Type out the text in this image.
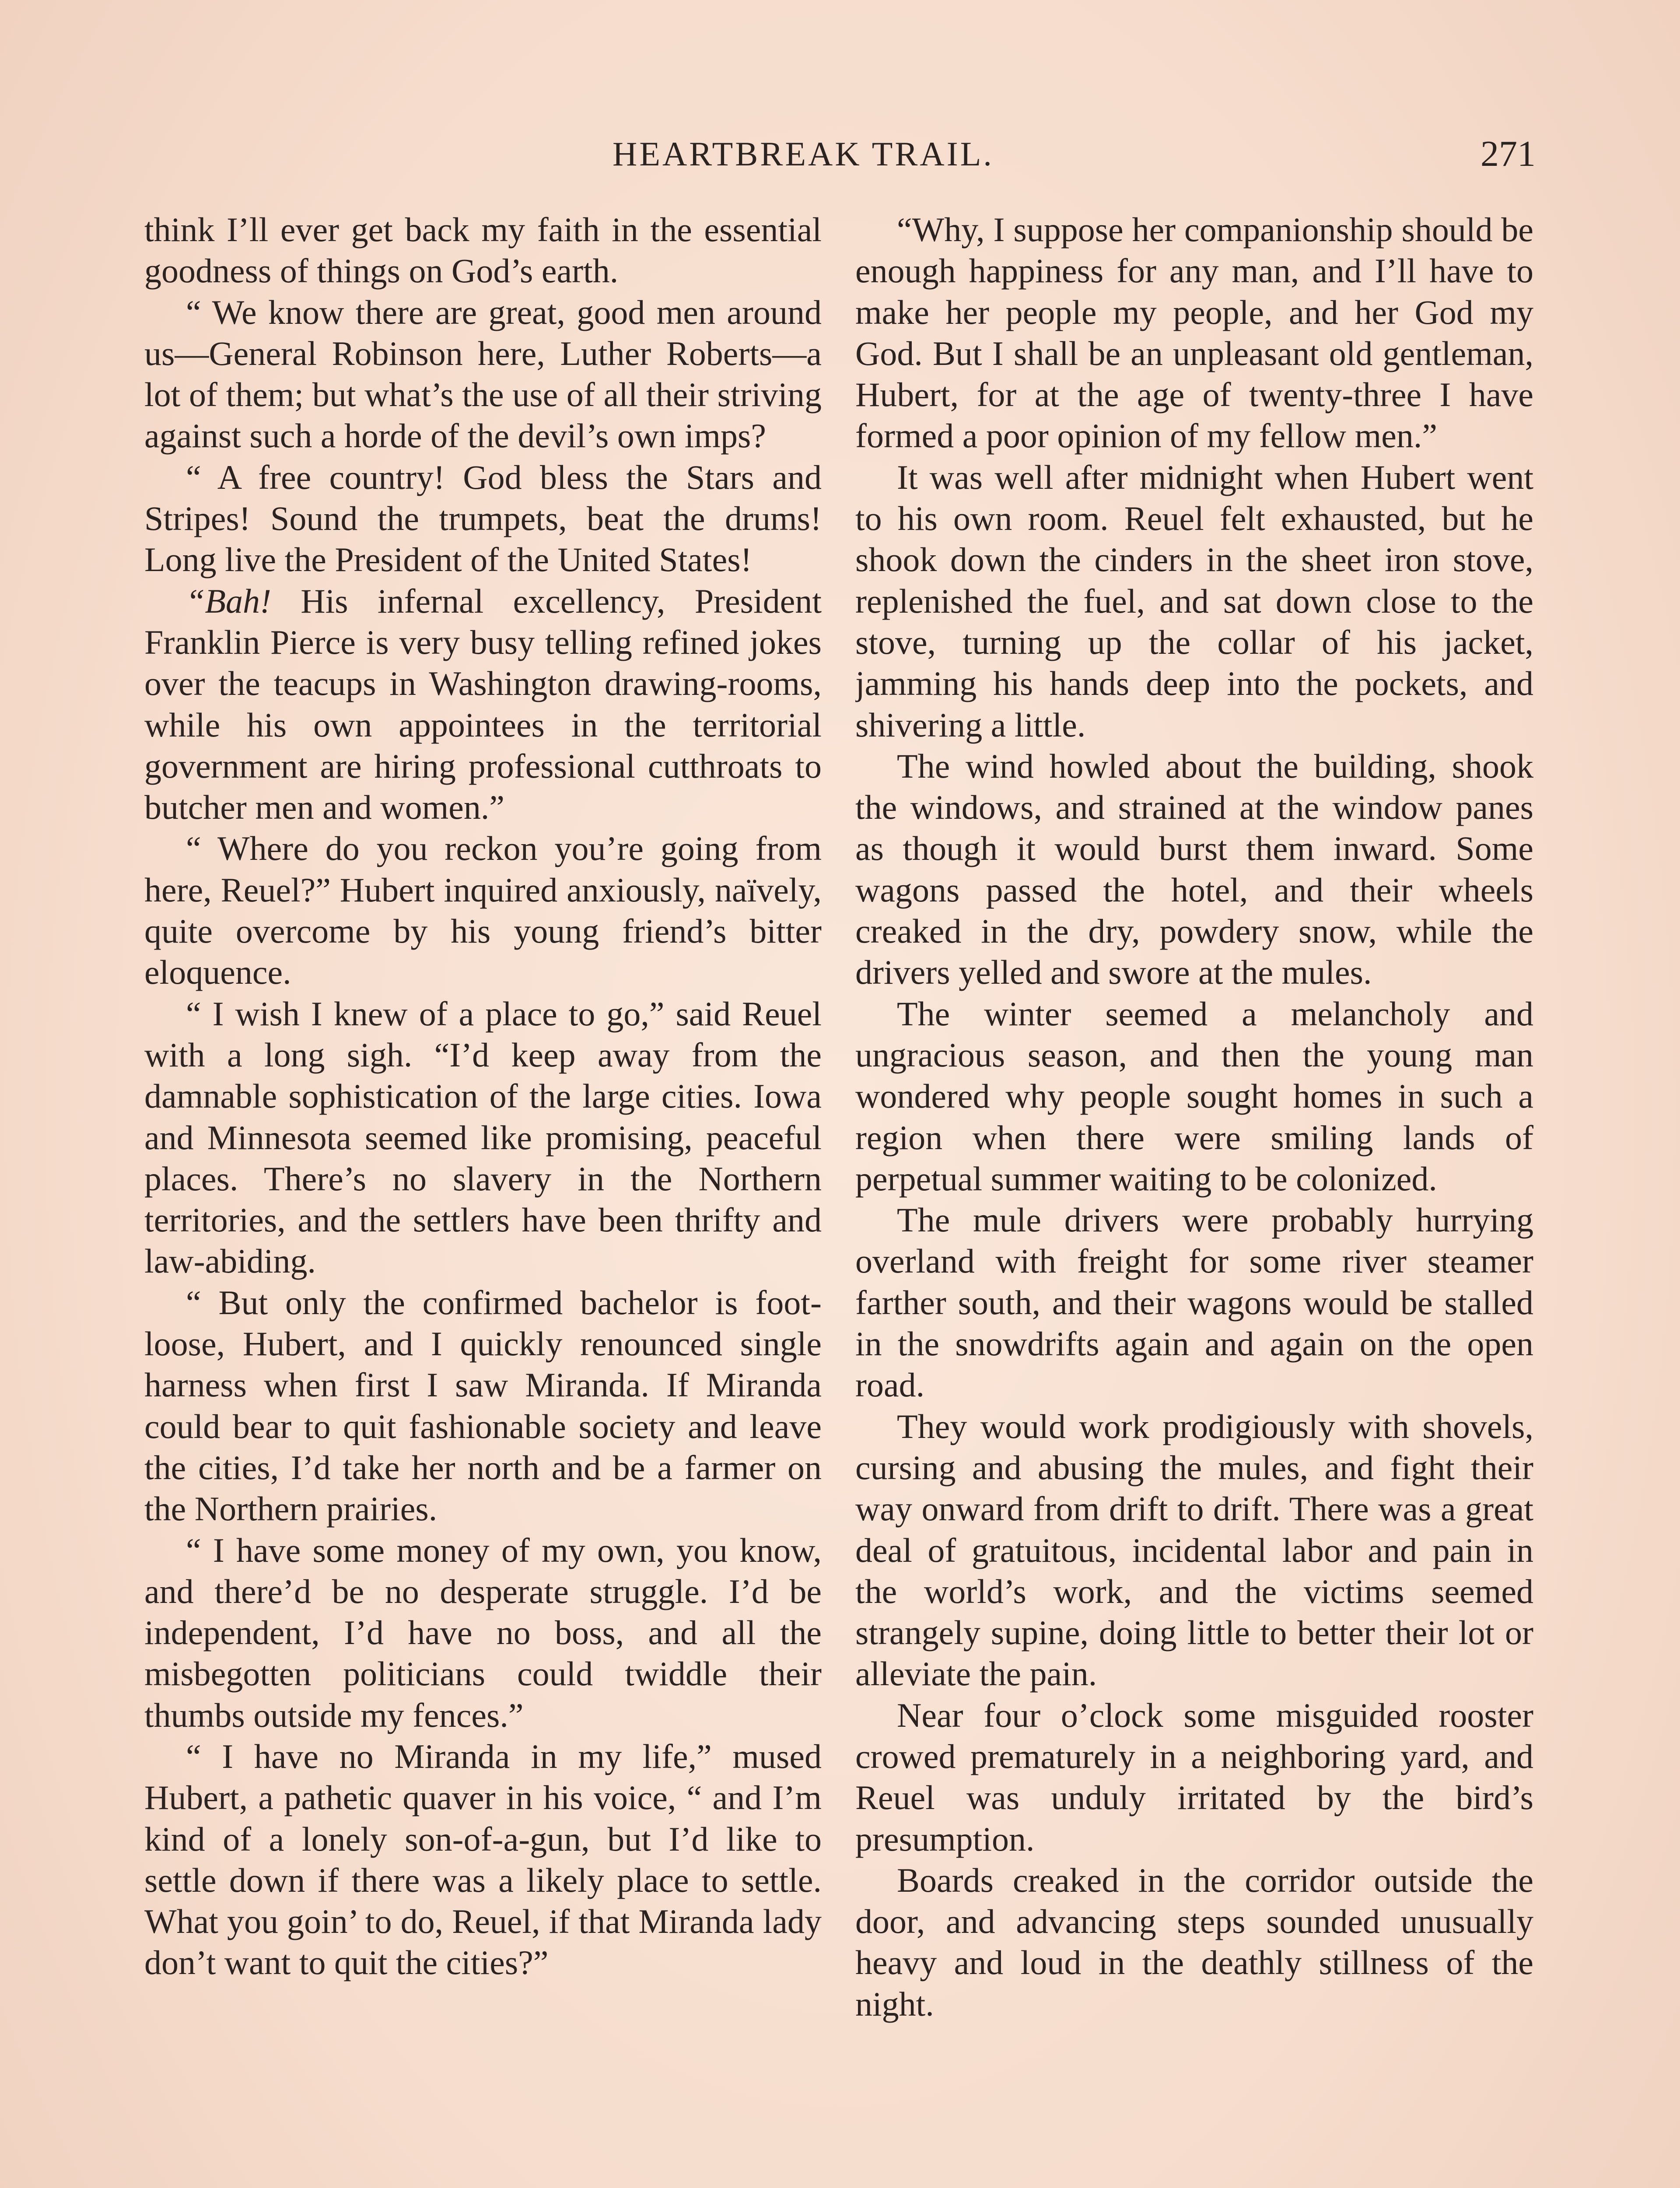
HEARTBREAK TRAIL.	271

think I’ll ever get back my faith in the essential goodness of things on God’s earth.

“ We know there are great, good men around us—General Robinson here, Luther Roberts—a lot of them; but what’s the use of all their striving against such a horde of the devil’s own imps?

“ A free country! God bless the Stars and Stripes! Sound the trumpets, beat the drums! Long live the President of the United States!

“Bah! His infernal excellency, President Franklin Pierce is very busy telling refined jokes over the teacups in Washington drawing-rooms, while his own appointees in the territorial government are hiring professional cutthroats to butcher men and women.”

“ Where do you reckon you’re going from here, Reuel?” Hubert inquired anxiously, naïvely, quite overcome by his young friend’s bitter eloquence.

“ I wish I knew of a place to go,” said Reuel with a long sigh. “I’d keep away from the damnable sophistication of the large cities. Iowa and Minnesota seemed like promising, peaceful places. There’s no slavery in the Northern territories, and the settlers have been thrifty and law-abiding.

“ But only the confirmed bachelor is foot-loose, Hubert, and I quickly renounced single harness when first I saw Miranda. If Miranda could bear to quit fashionable society and leave the cities, I’d take her north and be a farmer on the Northern prairies.

“ I have some money of my own, you know, and there’d be no desperate struggle. I’d be independent, I’d have no boss, and all the misbegotten politicians could twiddle their thumbs outside my fences.”

“ I have no Miranda in my life,” mused Hubert, a pathetic quaver in his voice, “ and I’m kind of a lonely son-of-a-gun, but I’d like to settle down if there was a likely place to settle. What you goin’ to do, Reuel, if that Miranda lady don’t want to quit the cities?”

“Why, I suppose her companionship should be enough happiness for any man, and I’ll have to make her people my people, and her God my God. But I shall be an unpleasant old gentleman, Hubert, for at the age of twenty-three I have formed a poor opinion of my fellow men.”

It was well after midnight when Hubert went to his own room. Reuel felt exhausted, but he shook down the cinders in the sheet iron stove, replenished the fuel, and sat down close to the stove, turning up the collar of his jacket, jamming his hands deep into the pockets, and shivering a little.

The wind howled about the building, shook the windows, and strained at the window panes as though it would burst them inward. Some wagons passed the hotel, and their wheels creaked in the dry, powdery snow, while the drivers yelled and swore at the mules.

The winter seemed a melancholy and ungracious season, and then the young man wondered why people sought homes in such a region when there were smiling lands of perpetual summer waiting to be colonized.

The mule drivers were probably hurrying overland with freight for some river steamer farther south, and their wagons would be stalled in the snowdrifts again and again on the open road.

They would work prodigiously with shovels, cursing and abusing the mules, and fight their way onward from drift to drift. There was a great deal of gratuitous, incidental labor and pain in the world’s work, and the victims seemed strangely supine, doing little to better their lot or alleviate the pain.

Near four o’clock some misguided rooster crowed prematurely in a neighboring yard, and Reuel was unduly irritated by the bird’s presumption.

Boards creaked in the corridor outside the door, and advancing steps sounded unusually heavy and loud in the deathly stillness of the night.
